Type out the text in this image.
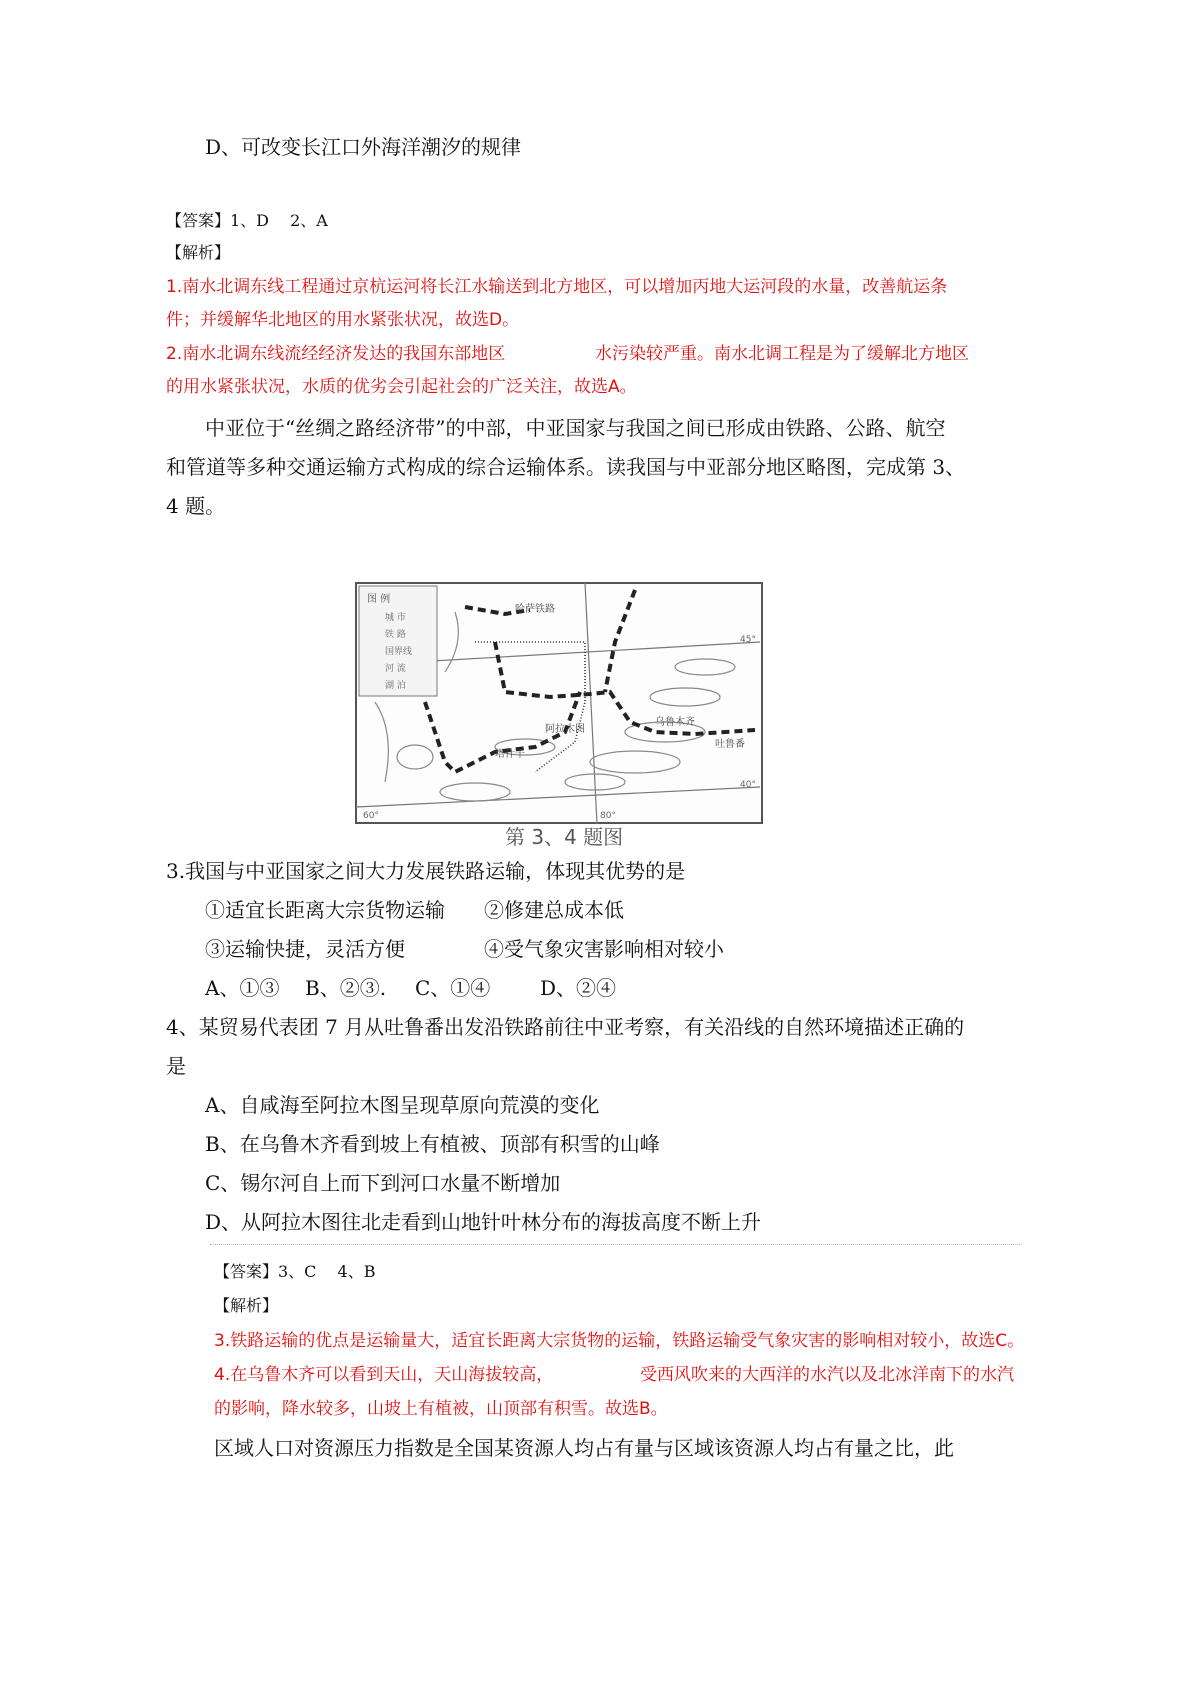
D、可改变长江口外海洋潮汐的规律
【答案】1、D　 2、A
【解析】
1.南水北调东线工程通过京杭运河将长江水输送到北方地区，可以增加丙地大运河段的水量，改善航运条
件；并缓解华北地区的用水紧张状况，故选D。
2.南水北调东线流经经济发达的我国东部地区	水污染较严重。南水北调工程是为了缓解北方地区
的用水紧张状况，水质的优劣会引起社会的广泛关注，故选A。
中亚位于“丝绸之路经济带”的中部，中亚国家与我国之间已形成由铁路、公路、航空
和管道等多种交通运输方式构成的综合运输体系。读我国与中亚部分地区略图，完成第 3、
4 题。
图 例
城 市
铁 路
国界线
河 流
湖 泊
哈萨铁路
阿拉木图
塔什干
乌鲁木齐
吐鲁番
45°
40°
60°	80°
第 3、4 题图
3.我国与中亚国家之间大力发展铁路运输，体现其优势的是
①适宜长距离大宗货物运输 ②修建总成本低
③运输快捷，灵活方便	④受气象灾害影响相对较小
A、①③ B、②③. C、①④ D、②④
4、某贸易代表团 7 月从吐鲁番出发沿铁路前往中亚考察，有关沿线的自然环境描述正确的
是
A、自咸海至阿拉木图呈现草原向荒漠的变化
B、在乌鲁木齐看到坡上有植被、顶部有积雪的山峰
C、锡尔河自上而下到河口水量不断增加
D、从阿拉木图往北走看到山地针叶林分布的海拔高度不断上升
【答案】3、C　 4、B
【解析】
3.铁路运输的优点是运输量大，适宜长距离大宗货物的运输，铁路运输受气象灾害的影响相对较小，故选C。
4.在乌鲁木齐可以看到天山，天山海拔较高，	受西风吹来的大西洋的水汽以及北冰洋南下的水汽
的影响，降水较多，山坡上有植被，山顶部有积雪。故选B。
区域人口对资源压力指数是全国某资源人均占有量与区域该资源人均占有量之比，此
